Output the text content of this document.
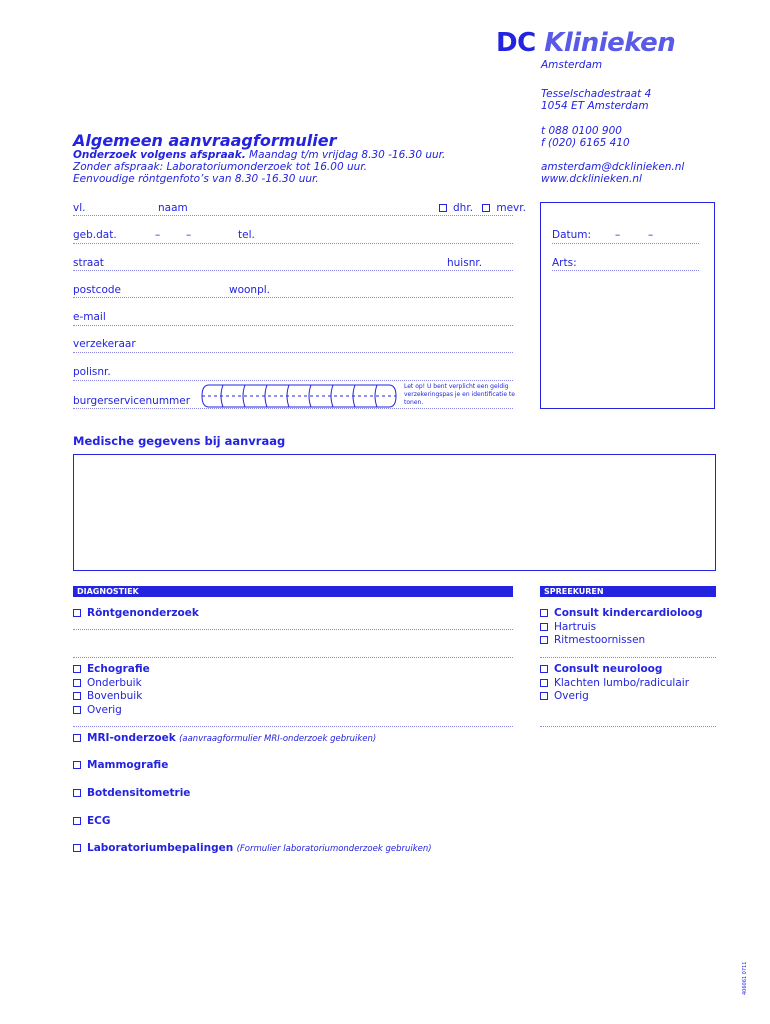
DC Klinieken
Amsterdam
Tesselschadestraat 4
1054 ET Amsterdam
t 088 0100 900
f (020) 6165 410
amsterdam@dcklinieken.nl
www.dcklinieken.nl
Algemeen aanvraagformulier
Onderzoek volgens afspraak. Maandag t/m vrijdag 8.30 -16.30 uur.
Zonder afspraak: Laboratoriumonderzoek tot 16.00 uur.
Eenvoudige röntgenfoto’s van 8.30 -16.30 uur.
vl.	naam	dhr. mevr.
geb.dat.	– –	tel.
straat	huisnr.
postcode	woonpl.
e-mail
verzekeraar
polisnr.
burgerservicenummer
Let op! U bent verplicht een geldig verzekeringspas je en identificatie te tonen.
Datum: –	–
Arts:
Medische gegevens bij aanvraag
DIAGNOSTIEK	SPREEKUREN
Röntgenonderzoek
Echografie
Onderbuik
Bovenbuik
Overig
MRI-onderzoek (aanvraagformulier MRI-onderzoek gebruiken)
Mammografie
Botdensitometrie
ECG
Laboratoriumbepalingen (Formulier laboratoriumonderzoek gebruiken)
Consult kindercardioloog
Hartruis
Ritmestoornissen
Consult neuroloog
Klachten lumbo/radiculair
Overig
406061 0711
